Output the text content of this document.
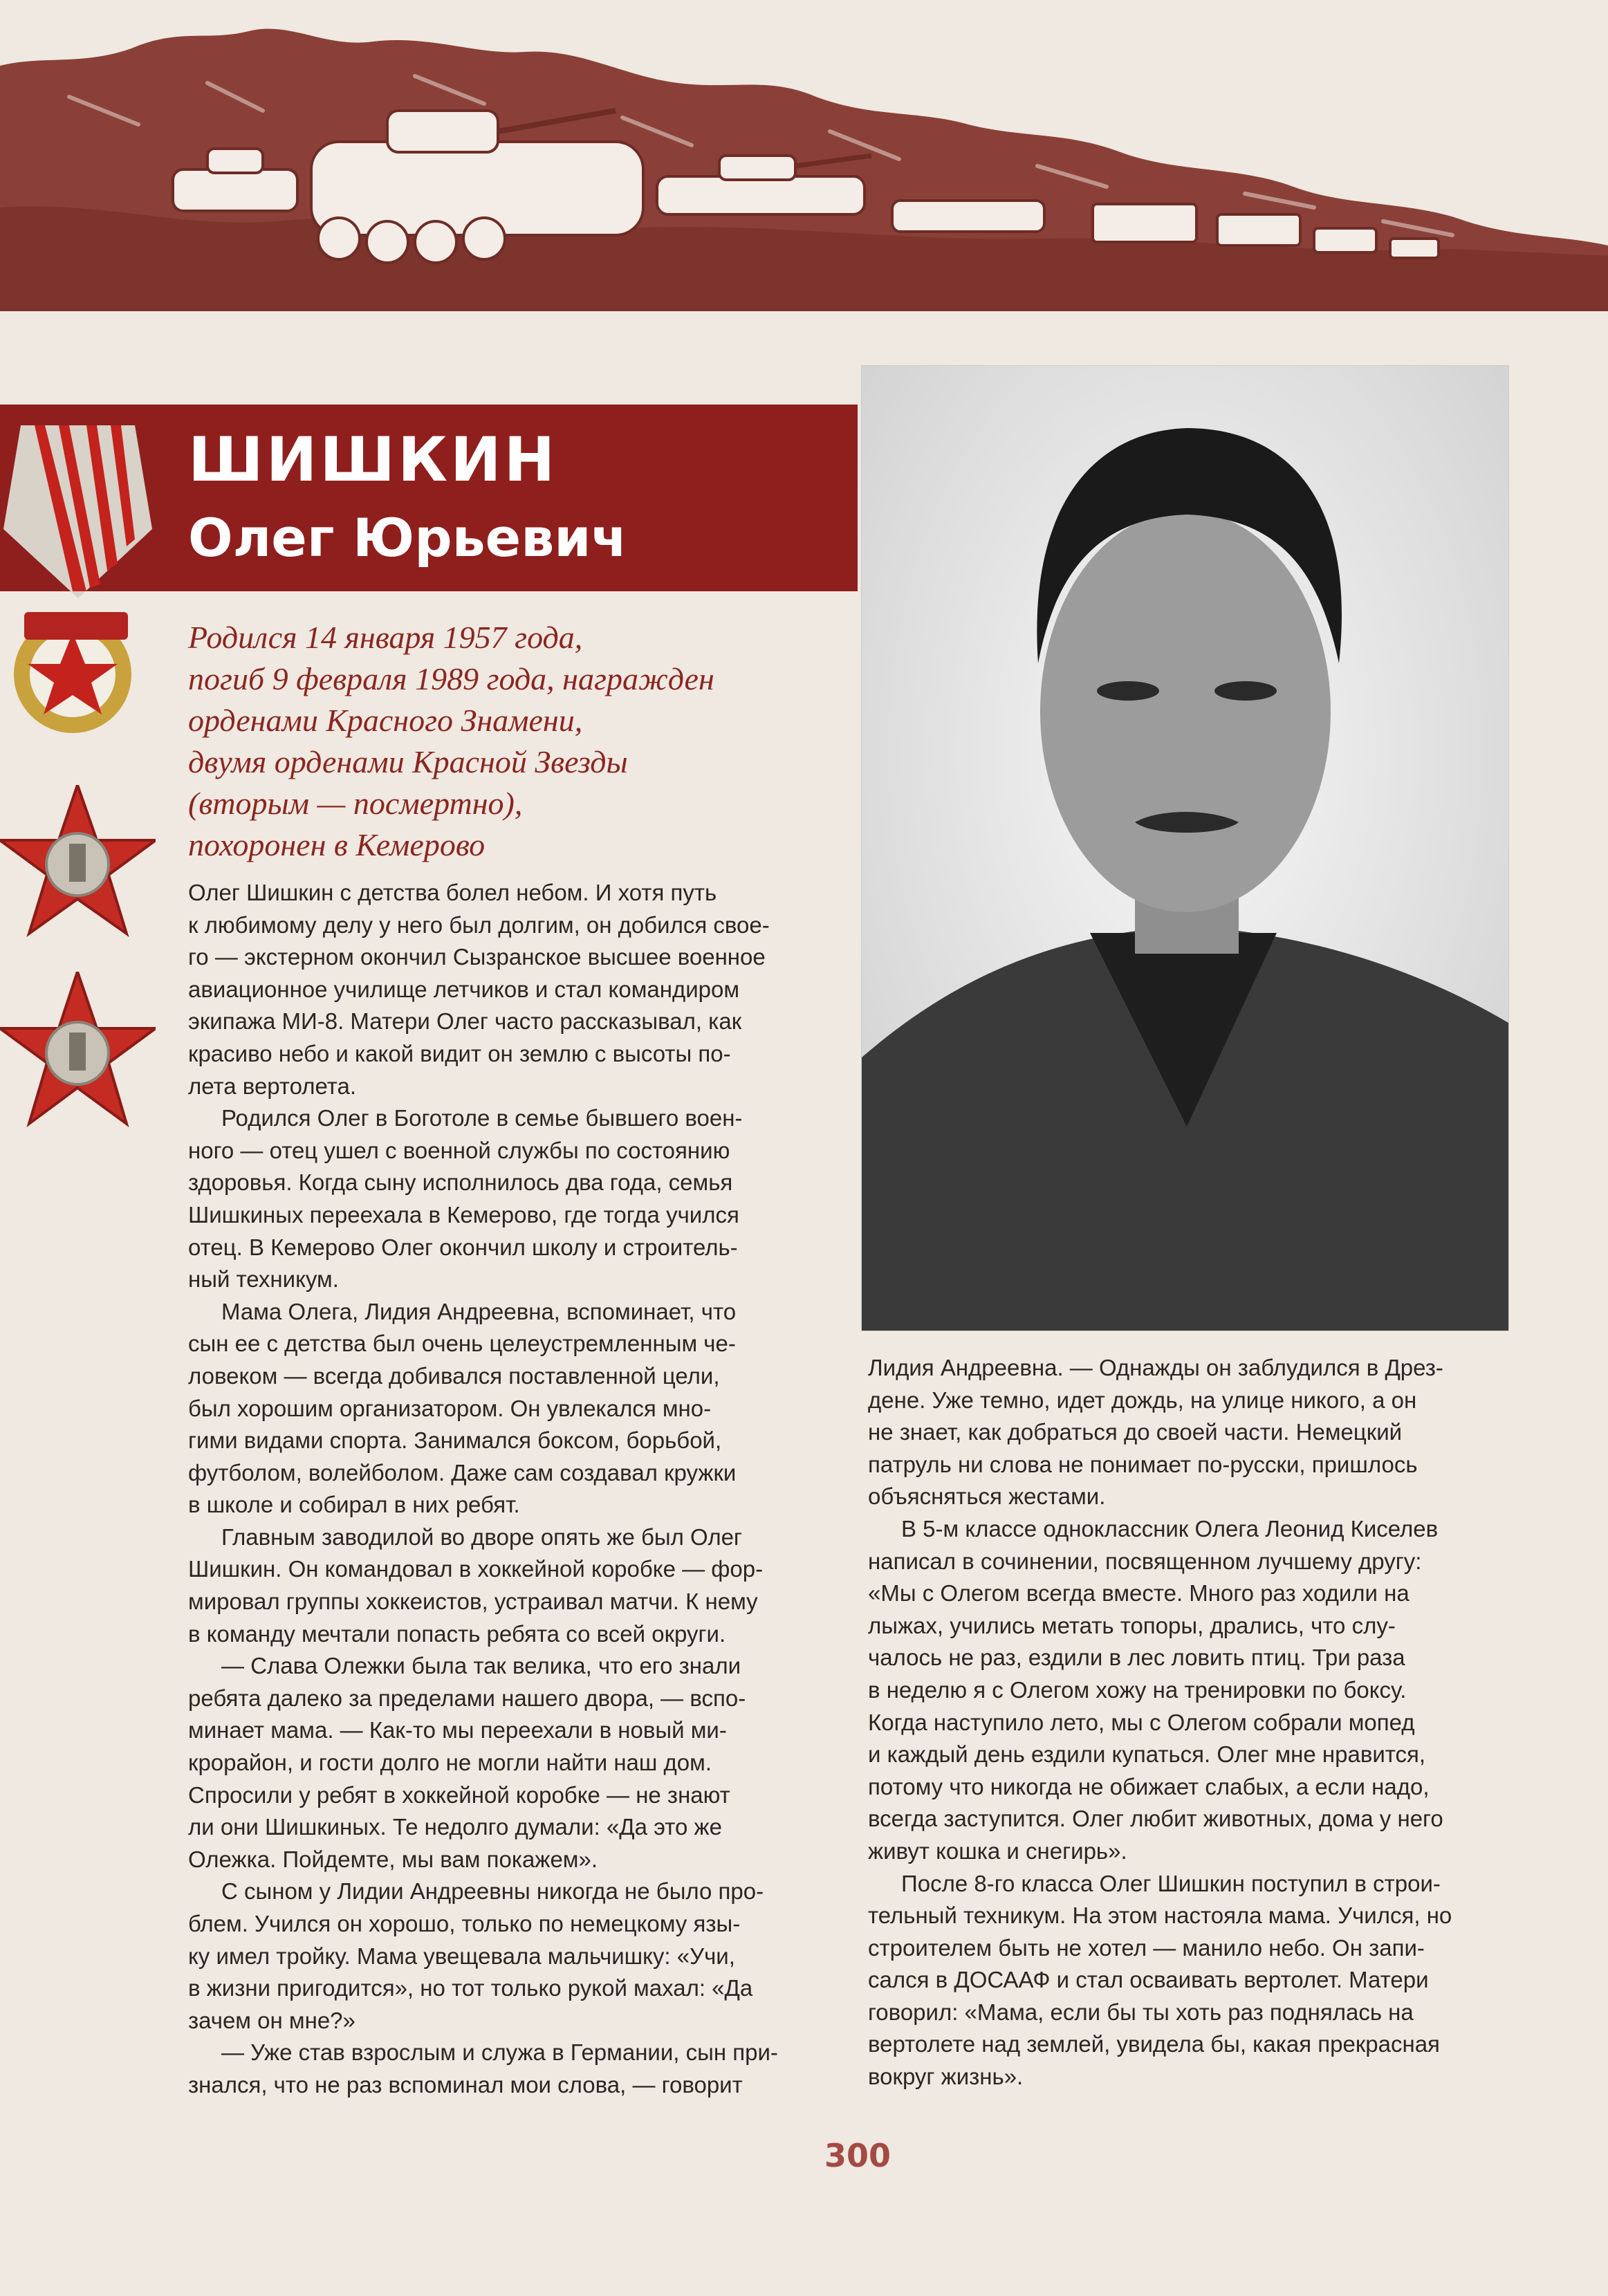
ШИШКИН
Олег Юрьевич
Родился 14 января 1957 года,
погиб 9 февраля 1989 года, награжден
орденами Красного Знамени,
двумя орденами Красной Звезды
(вторым — посмертно),
похоронен в Кемерово
Олег Шишкин с детства болел небом. И хотя путь
к любимому делу у него был долгим, он добился свое-
го — экстерном окончил Сызранское высшее военное
авиационное училище летчиков и стал командиром
экипажа МИ-8. Матери Олег часто рассказывал, как
красиво небо и какой видит он землю с высоты по-
лета вертолета.
Родился Олег в Боготоле в семье бывшего воен-
ного — отец ушел с военной службы по состоянию
здоровья. Когда сыну исполнилось два года, семья
Шишкиных переехала в Кемерово, где тогда учился
отец. В Кемерово Олег окончил школу и строитель-
ный техникум.
Мама Олега, Лидия Андреевна, вспоминает, что
сын ее с детства был очень целеустремленным че-
ловеком — всегда добивался поставленной цели,
был хорошим организатором. Он увлекался мно-
гими видами спорта. Занимался боксом, борьбой,
футболом, волейболом. Даже сам создавал кружки
в школе и собирал в них ребят.
Главным заводилой во дворе опять же был Олег
Шишкин. Он командовал в хоккейной коробке — фор-
мировал группы хоккеистов, устраивал матчи. К нему
в команду мечтали попасть ребята со всей округи.
— Слава Олежки была так велика, что его знали
ребята далеко за пределами нашего двора, — вспо-
минает мама. — Как-то мы переехали в новый ми-
крорайон, и гости долго не могли найти наш дом.
Спросили у ребят в хоккейной коробке — не знают
ли они Шишкиных. Те недолго думали: «Да это же
Олежка. Пойдемте, мы вам покажем».
С сыном у Лидии Андреевны никогда не было про-
блем. Учился он хорошо, только по немецкому язы-
ку имел тройку. Мама увещевала мальчишку: «Учи,
в жизни пригодится», но тот только рукой махал: «Да
зачем он мне?»
— Уже став взрослым и служа в Германии, сын при-
знался, что не раз вспоминал мои слова, — говорит
Лидия Андреевна. — Однажды он заблудился в Дрез-
дене. Уже темно, идет дождь, на улице никого, а он
не знает, как добраться до своей части. Немецкий
патруль ни слова не понимает по-русски, пришлось
объясняться жестами.
В 5-м классе одноклассник Олега Леонид Киселев
написал в сочинении, посвященном лучшему другу:
«Мы с Олегом всегда вместе. Много раз ходили на
лыжах, учились метать топоры, дрались, что слу-
чалось не раз, ездили в лес ловить птиц. Три раза
в неделю я с Олегом хожу на тренировки по боксу.
Когда наступило лето, мы с Олегом собрали мопед
и каждый день ездили купаться. Олег мне нравится,
потому что никогда не обижает слабых, а если надо,
всегда заступится. Олег любит животных, дома у него
живут кошка и снегирь».
После 8-го класса Олег Шишкин поступил в строи-
тельный техникум. На этом настояла мама. Учился, но
строителем быть не хотел — манило небо. Он запи-
сался в ДОСААФ и стал осваивать вертолет. Матери
говорил: «Мама, если бы ты хоть раз поднялась на
вертолете над землей, увидела бы, какая прекрасная
вокруг жизнь».
300
